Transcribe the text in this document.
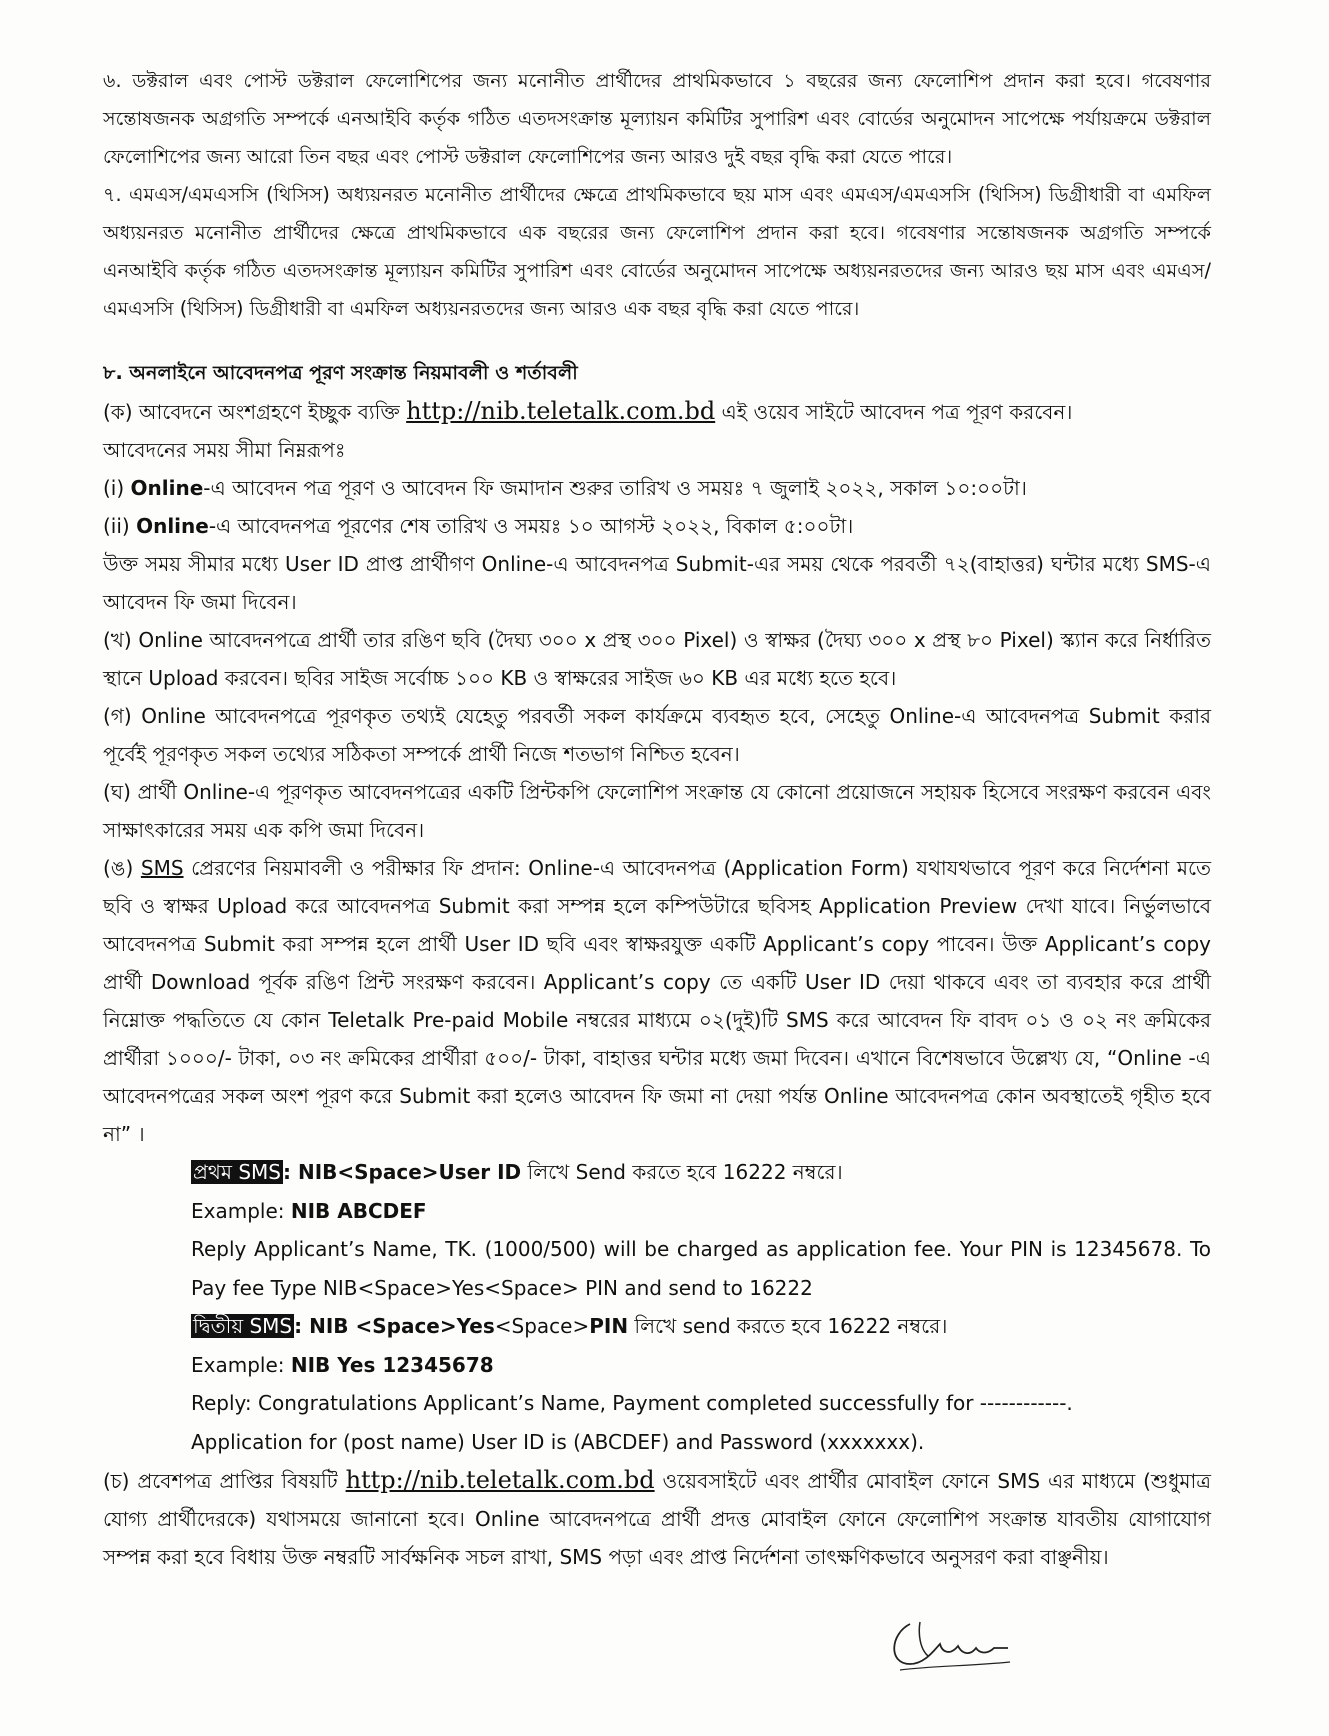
৬. ডক্টরাল এবং পোস্ট ডক্টরাল ফেলোশিপের জন্য মনোনীত প্রার্থীদের প্রাথমিকভাবে ১ বছরের জন্য ফেলোশিপ প্রদান করা হবে। গবেষণার সন্তোষজনক অগ্রগতি সম্পর্কে এনআইবি কর্তৃক গঠিত এতদসংক্রান্ত মূল্যায়ন কমিটির সুপারিশ এবং বোর্ডের অনুমোদন সাপেক্ষে পর্যায়ক্রমে ডক্টরাল ফেলোশিপের জন্য আরো তিন বছর এবং পোস্ট ডক্টরাল ফেলোশিপের জন্য আরও দুই বছর বৃদ্ধি করা যেতে পারে।

৭. এমএস/এমএসসি (থিসিস) অধ্যয়নরত মনোনীত প্রার্থীদের ক্ষেত্রে প্রাথমিকভাবে ছয় মাস এবং এমএস/এমএসসি (থিসিস) ডিগ্রীধারী বা এমফিল অধ্যয়নরত মনোনীত প্রার্থীদের ক্ষেত্রে প্রাথমিকভাবে এক বছরের জন্য ফেলোশিপ প্রদান করা হবে। গবেষণার সন্তোষজনক অগ্রগতি সম্পর্কে এনআইবি কর্তৃক গঠিত এতদসংক্রান্ত মূল্যায়ন কমিটির সুপারিশ এবং বোর্ডের অনুমোদন সাপেক্ষে অধ্যয়নরতদের জন্য আরও ছয় মাস এবং এমএস/এমএসসি (থিসিস) ডিগ্রীধারী বা এমফিল অধ্যয়নরতদের জন্য আরও এক বছর বৃদ্ধি করা যেতে পারে।

৮. অনলাইনে আবেদনপত্র পূরণ সংক্রান্ত নিয়মাবলী ও শর্তাবলী

(ক) আবেদনে অংশগ্রহণে ইচ্ছুক ব্যক্তি http://nib.teletalk.com.bd এই ওয়েব সাইটে আবেদন পত্র পূরণ করবেন।

আবেদনের সময় সীমা নিম্নরূপঃ

(i) Online-এ আবেদন পত্র পূরণ ও আবেদন ফি জমাদান শুরুর তারিখ ও সময়ঃ ৭ জুলাই ২০২২, সকাল ১০:০০টা।

(ii) Online-এ আবেদনপত্র পূরণের শেষ তারিখ ও সময়ঃ ১০ আগস্ট ২০২২, বিকাল ৫:০০টা।

উক্ত সময় সীমার মধ্যে User ID প্রাপ্ত প্রার্থীগণ Online-এ আবেদনপত্র Submit-এর সময় থেকে পরবর্তী ৭২(বাহাত্তর) ঘন্টার মধ্যে SMS-এ আবেদন ফি জমা দিবেন।

(খ) Online আবেদনপত্রে প্রার্থী তার রঙিণ ছবি (দৈঘ্য ৩০০ x প্রস্থ ৩০০ Pixel) ও স্বাক্ষর (দৈঘ্য ৩০০ x প্রস্থ ৮০ Pixel) স্ক্যান করে নির্ধারিত স্থানে Upload করবেন। ছবির সাইজ সর্বোচ্চ ১০০ KB ও স্বাক্ষরের সাইজ ৬০ KB এর মধ্যে হতে হবে।

(গ) Online আবেদনপত্রে পূরণকৃত তথ্যই যেহেতু পরবর্তী সকল কার্যক্রমে ব্যবহৃত হবে, সেহেতু Online-এ আবেদনপত্র Submit করার পূর্বেই পূরণকৃত সকল তথ্যের সঠিকতা সম্পর্কে প্রার্থী নিজে শতভাগ নিশ্চিত হবেন।

(ঘ) প্রার্থী Online-এ পূরণকৃত আবেদনপত্রের একটি প্রিন্টকপি ফেলোশিপ সংক্রান্ত যে কোনো প্রয়োজনে সহায়ক হিসেবে সংরক্ষণ করবেন এবং সাক্ষাৎকারের সময় এক কপি জমা দিবেন।

(ঙ) SMS প্রেরণের নিয়মাবলী ও পরীক্ষার ফি প্রদান: Online-এ আবেদনপত্র (Application Form) যথাযথভাবে পূরণ করে নির্দেশনা মতে ছবি ও স্বাক্ষর Upload করে আবেদনপত্র Submit করা সম্পন্ন হলে কম্পিউটারে ছবিসহ Application Preview দেখা যাবে। নির্ভুলভাবে আবেদনপত্র Submit করা সম্পন্ন হলে প্রার্থী User ID ছবি এবং স্বাক্ষরযুক্ত একটি Applicant’s copy পাবেন। উক্ত Applicant’s copy প্রার্থী Download পূর্বক রঙিণ প্রিন্ট সংরক্ষণ করবেন। Applicant’s copy তে একটি User ID দেয়া থাকবে এবং তা ব্যবহার করে প্রার্থী নিম্নোক্ত পদ্ধতিতে যে কোন Teletalk Pre-paid Mobile নম্বরের মাধ্যমে ০২(দুই)টি SMS করে আবেদন ফি বাবদ ০১ ও ০২ নং ক্রমিকের প্রার্থীরা ১০০০/- টাকা, ০৩ নং ক্রমিকের প্রার্থীরা ৫০০/- টাকা, বাহাত্তর ঘন্টার মধ্যে জমা দিবেন। এখানে বিশেষভাবে উল্লেখ্য যে, “Online -এ আবেদনপত্রের সকল অংশ পূরণ করে Submit করা হলেও আবেদন ফি জমা না দেয়া পর্যন্ত Online আবেদনপত্র কোন অবস্থাতেই গৃহীত হবে না” ।

প্রথম SMS : NIB<Space>User ID লিখে Send করতে হবে 16222 নম্বরে।
Example: NIB ABCDEF
Reply Applicant’s Name, TK. (1000/500) will be charged as application fee. Your PIN is 12345678. To Pay fee Type NIB<Space>Yes<Space> PIN and send to 16222
দ্বিতীয় SMS : NIB <Space>Yes<Space>PIN লিখে send করতে হবে 16222 নম্বরে।
Example: NIB Yes 12345678
Reply: Congratulations Applicant’s Name, Payment completed successfully for ------------.
Application for (post name) User ID is (ABCDEF) and Password (xxxxxxx).

(চ) প্রবেশপত্র প্রাপ্তির বিষয়টি http://nib.teletalk.com.bd ওয়েবসাইটে এবং প্রার্থীর মোবাইল ফোনে SMS এর মাধ্যমে (শুধুমাত্র যোগ্য প্রার্থীদেরকে) যথাসময়ে জানানো হবে। Online আবেদনপত্রে প্রার্থী প্রদত্ত মোবাইল ফোনে ফেলোশিপ সংক্রান্ত যাবতীয় যোগাযোগ সম্পন্ন করা হবে বিধায় উক্ত নম্বরটি সার্বক্ষনিক সচল রাখা, SMS পড়া এবং প্রাপ্ত নির্দেশনা তাৎক্ষণিকভাবে অনুসরণ করা বাঞ্ছনীয়।
